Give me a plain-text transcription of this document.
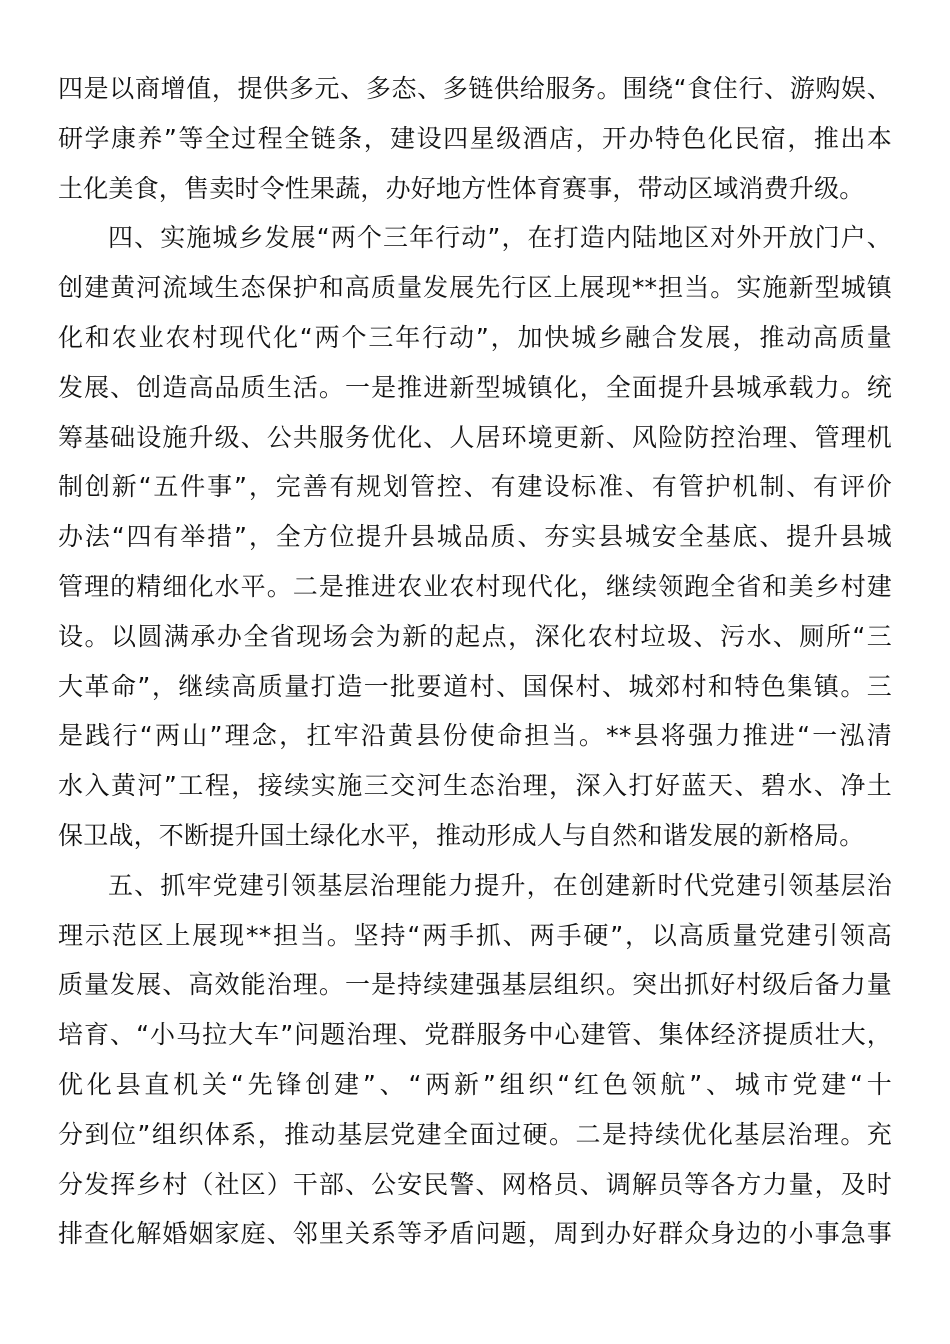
四是以商增值，提供多元、多态、多链供给服务。围绕“食住行、游购娱、
研学康养”等全过程全链条，建设四星级酒店，开办特色化民宿，推出本
土化美食，售卖时令性果蔬，办好地方性体育赛事，带动区域消费升级。
四、实施城乡发展“两个三年行动”，在打造内陆地区对外开放门户、
创建黄河流域生态保护和高质量发展先行区上展现**担当。实施新型城镇
化和农业农村现代化“两个三年行动”，加快城乡融合发展，推动高质量
发展、创造高品质生活。一是推进新型城镇化，全面提升县城承载力。统
筹基础设施升级、公共服务优化、人居环境更新、风险防控治理、管理机
制创新“五件事”，完善有规划管控、有建设标准、有管护机制、有评价
办法“四有举措”，全方位提升县城品质、夯实县城安全基底、提升县城
管理的精细化水平。二是推进农业农村现代化，继续领跑全省和美乡村建
设。以圆满承办全省现场会为新的起点，深化农村垃圾、污水、厕所“三
大革命”，继续高质量打造一批要道村、国保村、城郊村和特色集镇。三
是践行“两山”理念，扛牢沿黄县份使命担当。**县将强力推进“一泓清
水入黄河”工程，接续实施三交河生态治理，深入打好蓝天、碧水、净土
保卫战，不断提升国土绿化水平，推动形成人与自然和谐发展的新格局。
五、抓牢党建引领基层治理能力提升，在创建新时代党建引领基层治
理示范区上展现**担当。坚持“两手抓、两手硬”，以高质量党建引领高
质量发展、高效能治理。一是持续建强基层组织。突出抓好村级后备力量
培育、“小马拉大车”问题治理、党群服务中心建管、集体经济提质壮大，
优化县直机关“先锋创建”、“两新”组织“红色领航”、城市党建“十
分到位”组织体系，推动基层党建全面过硬。二是持续优化基层治理。充
分发挥乡村（社区）干部、公安民警、网格员、调解员等各方力量，及时
排查化解婚姻家庭、邻里关系等矛盾问题，周到办好群众身边的小事急事
